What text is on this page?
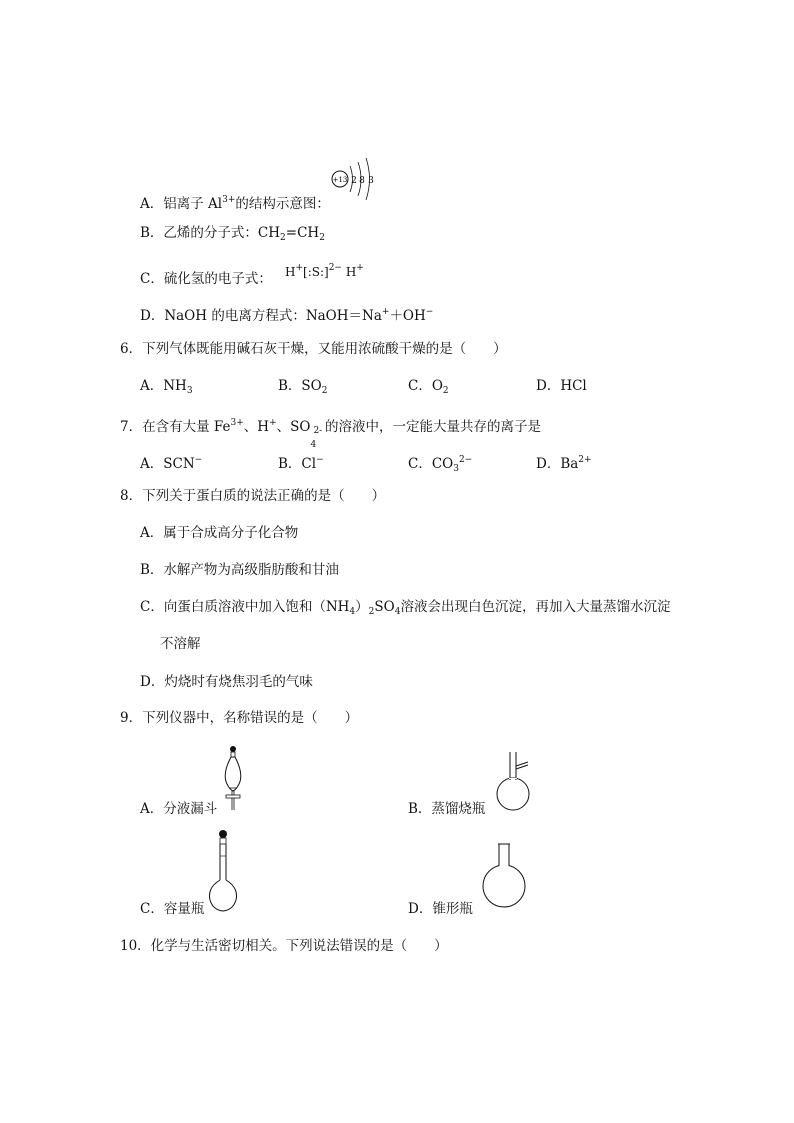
A．铝离子 $Al^{3+}$的结构示意图：
+13 2 8 3
B．乙烯的分子式：$CH_2=CH_2$
C．硫化氢的电子式： H+[:S:]$^{2-}$ H+
D．NaOH 的电离方程式：NaOH＝Na+＋OH−
6．下列气体既能用碱石灰干燥，又能用浓硫酸干燥的是（　　）
A．$NH_3$	B．$SO_2$	C．$O_2$	D．HCl
7．在含有大量 $Fe^{3+}$、H+、SO
4
2- 的溶液中，一定能大量共存的离子是
A．SCN−	B．Cl−	C．$CO_3^{2-}$	D．$Ba^{2+}$
8．下列关于蛋白质的说法正确的是（　　）
A．属于合成高分子化合物
B．水解产物为高级脂肪酸和甘油
C．向蛋白质溶液中加入饱和$(NH_4)_2SO_4$溶液会出现白色沉淀，再加入大量蒸馏水沉淀
不溶解
D．灼烧时有烧焦羽毛的气味
9．下列仪器中，名称错误的是（　　）
A．分液漏斗	B．蒸馏烧瓶
C．容量瓶	D．锥形瓶
10．化学与生活密切相关。下列说法错误的是（　　）
